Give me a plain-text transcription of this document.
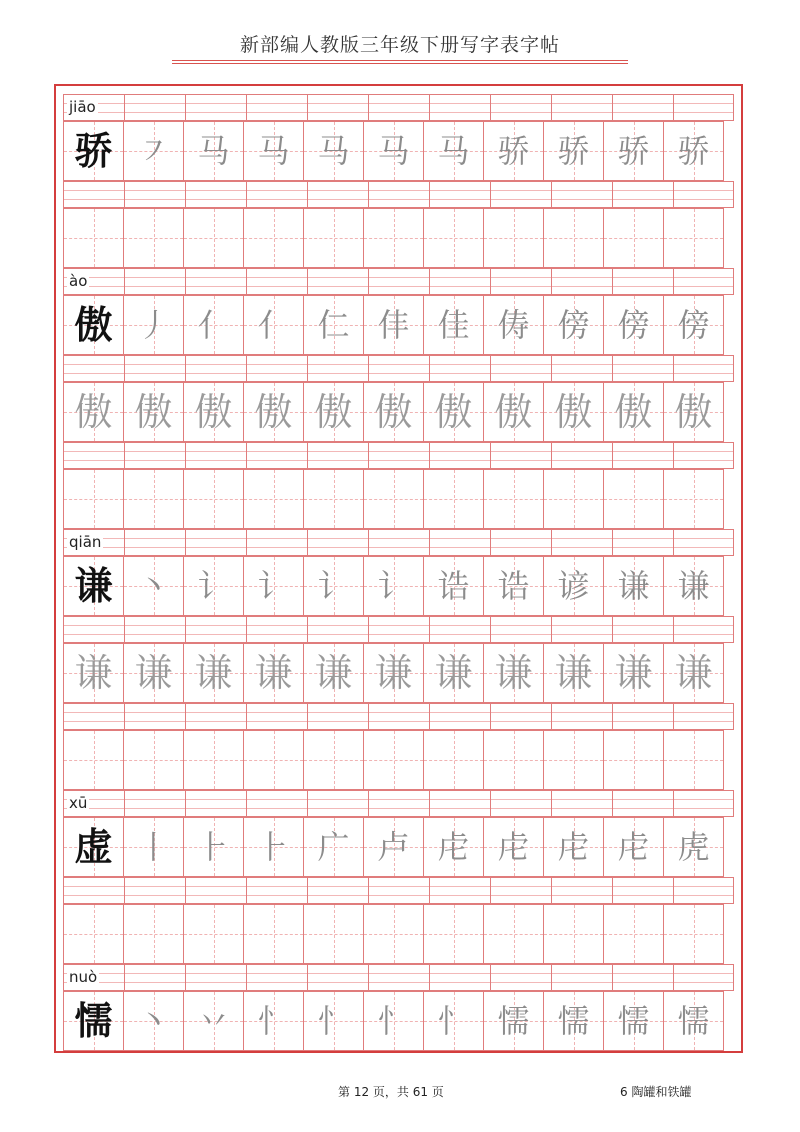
新部编人教版三年级下册写字表字帖
jiāo
骄 ㇇ 马 马 马 马 马 骄 骄 骄 骄
ào
傲 丿 亻 亻 仁 仹 佳 俦 傍 傍 傍
傲 傲 傲 傲 傲 傲 傲 傲 傲 傲 傲
qiān
谦 丶 讠 讠 讠 讠 诰 诰 谚 谦 谦
谦 谦 谦 谦 谦 谦 谦 谦 谦 谦 谦
xū
虚 丨 ⺊ ⺊ 广 卢 虍 虍 虍 虍 虎
nuò
懦 丶 丷 忄 忄 忄 忄 懦 懦 懦 懦
第 12 页，共 61 页	6 陶罐和铁罐
